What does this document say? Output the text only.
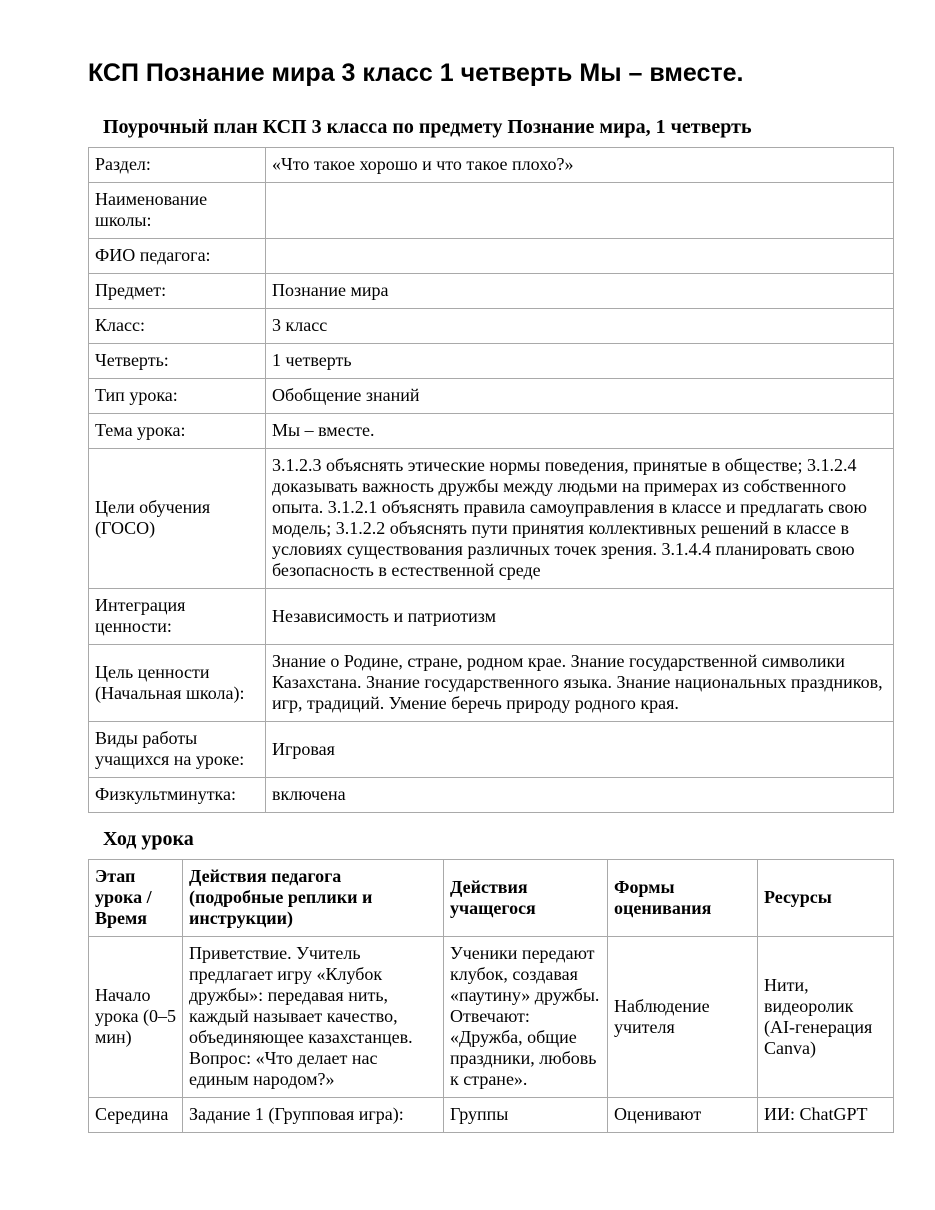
КСП Познание мира 3 класс 1 четверть Мы – вместе.
Поурочный план КСП 3 класса по предмету Познание мира, 1 четверть
Раздел:	«Что такое хорошо и что такое плохо?»
Наименование школы:	
ФИО педагога:	
Предмет:	Познание мира
Класс:	3 класс
Четверть:	1 четверть
Тип урока:	Обобщение знаний
Тема урока:	Мы – вместе.
Цели обучения (ГОСО)	3.1.2.3 объяснять этические нормы поведения, принятые в обществе; 3.1.2.4 доказывать важность дружбы между людьми на примерах из собственного опыта. 3.1.2.1 объяснять правила самоуправления в классе и предлагать свою модель; 3.1.2.2 объяснять пути принятия коллективных решений в классе в условиях существования различных точек зрения. 3.1.4.4 планировать свою безопасность в естественной среде
Интеграция ценности:	Независимость и патриотизм
Цель ценности (Начальная школа):	Знание о Родине, стране, родном крае. Знание государственной символики Казахстана. Знание государственного языка. Знание национальных праздников, игр, традиций. Умение беречь природу родного края.
Виды работы учащихся на уроке:	Игровая
Физкультминутка:	включена
Ход урока
Этап урока / Время	Действия педагога (подробные реплики и инструкции)	Действия учащегося	Формы оценивания	Ресурсы
Начало урока (0–5 мин)	Приветствие. Учитель предлагает игру «Клубок дружбы»: передавая нить, каждый называет качество, объединяющее казахстанцев. Вопрос: «Что делает нас единым народом?»	Ученики передают клубок, создавая «паутину» дружбы. Отвечают: «Дружба, общие праздники, любовь к стране».	Наблюдение учителя	Нити, видеоролик (AI-генерация Canva)
Середина	Задание 1 (Групповая игра):	Группы	Оценивают	ИИ: ChatGPT
